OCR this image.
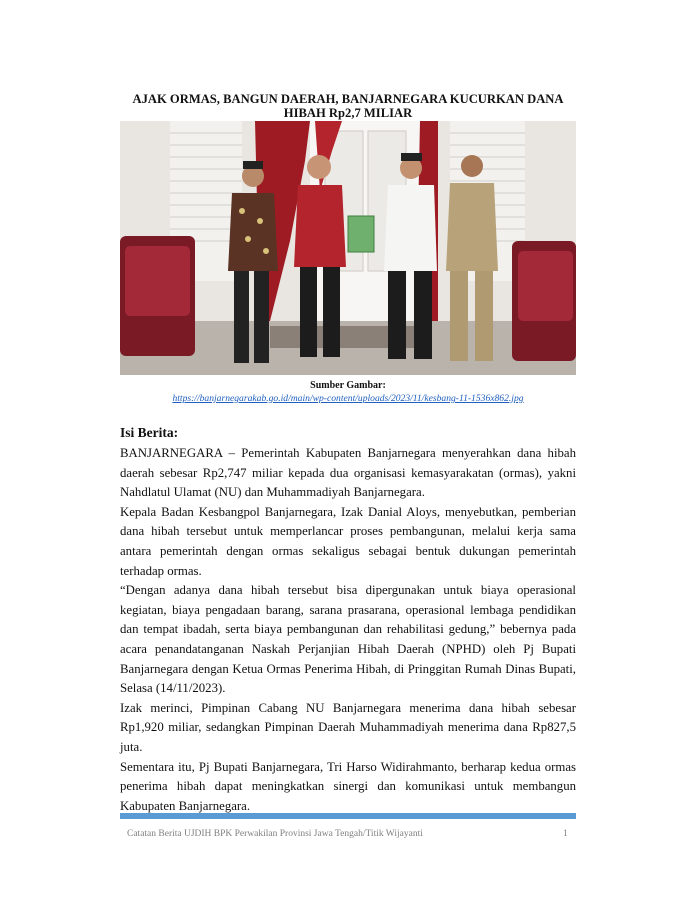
AJAK ORMAS, BANGUN DAERAH, BANJARNEGARA KUCURKAN DANA HIBAH Rp2,7 MILIAR
Sumber Gambar:
https://banjarnegarakab.go.id/main/wp-content/uploads/2023/11/kesbang-11-1536x862.jpg
Isi Berita:

BANJARNEGARA – Pemerintah Kabupaten Banjarnegara menyerahkan dana hibah daerah sebesar Rp2,747 miliar kepada dua organisasi kemasyarakatan (ormas), yakni Nahdlatul Ulamat (NU) dan Muhammadiyah Banjarnegara.

Kepala Badan Kesbangpol Banjarnegara, Izak Danial Aloys, menyebutkan, pemberian dana hibah tersebut untuk memperlancar proses pembangunan, melalui kerja sama antara pemerintah dengan ormas sekaligus sebagai bentuk dukungan pemerintah terhadap ormas.

“Dengan adanya dana hibah tersebut bisa dipergunakan untuk biaya operasional kegiatan, biaya pengadaan barang, sarana prasarana, operasional lembaga pendidikan dan tempat ibadah, serta biaya pembangunan dan rehabilitasi gedung,” bebernya pada acara penandatanganan Naskah Perjanjian Hibah Daerah (NPHD) oleh Pj Bupati Banjarnegara dengan Ketua Ormas Penerima Hibah, di Pringgitan Rumah Dinas Bupati, Selasa (14/11/2023).

Izak merinci, Pimpinan Cabang NU Banjarnegara menerima dana hibah sebesar Rp1,920 miliar, sedangkan Pimpinan Daerah Muhammadiyah menerima dana Rp827,5 juta.

Sementara itu, Pj Bupati Banjarnegara, Tri Harso Widirahmanto, berharap kedua ormas penerima hibah dapat meningkatkan sinergi dan komunikasi untuk membangun Kabupaten Banjarnegara.

Catatan Berita UJDIH BPK Perwakilan Provinsi Jawa Tengah/Titik Wijayanti	1
